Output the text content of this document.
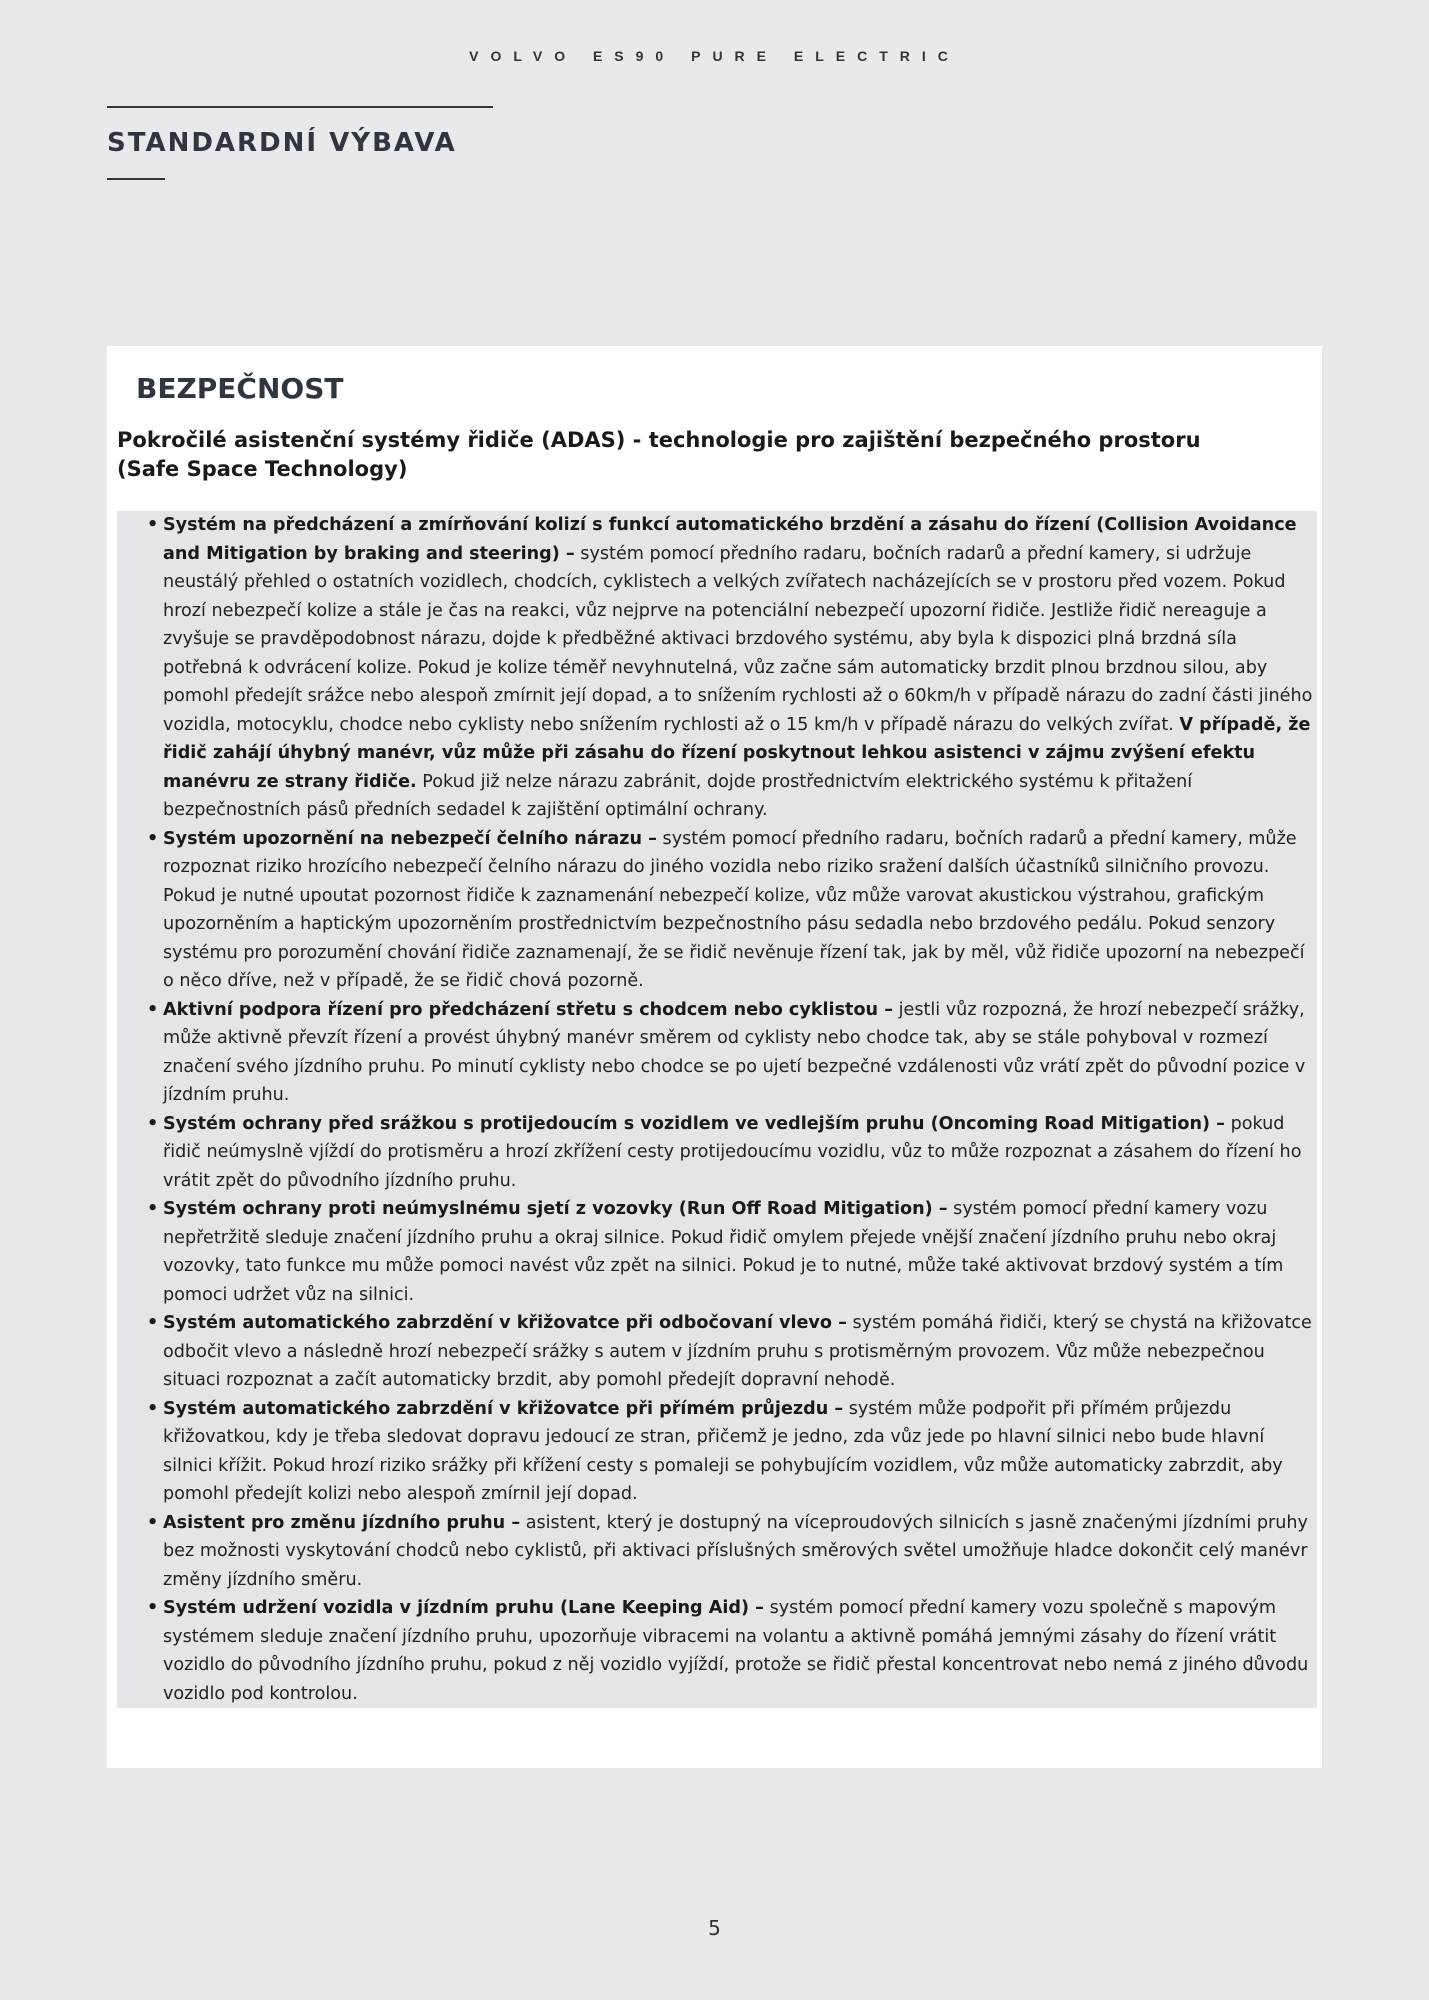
VOLVO ES90 PURE ELECTRIC
STANDARDNÍ VÝBAVA
BEZPEČNOST
Pokročilé asistenční systémy řidiče (ADAS) - technologie pro zajištění bezpečného prostoru (Safe Space Technology)
• Systém na předcházení a zmírňování kolizí s funkcí automatického brzdění a zásahu do řízení (Collision Avoidance and Mitigation by braking and steering) – systém pomocí předního radaru, bočních radarů a přední kamery, si udržuje neustálý přehled o ostatních vozidlech, chodcích, cyklistech a velkých zvířatech nacházejících se v prostoru před vozem. Pokud hrozí nebezpečí kolize a stále je čas na reakci, vůz nejprve na potenciální nebezpečí upozorní řidiče. Jestliže řidič nereaguje a zvyšuje se pravděpodobnost nárazu, dojde k předběžné aktivaci brzdového systému, aby byla k dispozici plná brzdná síla potřebná k odvrácení kolize. Pokud je kolize téměř nevyhnutelná, vůz začne sám automaticky brzdit plnou brzdnou silou, aby pomohl předejít srážce nebo alespoň zmírnit její dopad, a to snížením rychlosti až o 60km/h v případě nárazu do zadní části jiného vozidla, motocyklu, chodce nebo cyklisty nebo snížením rychlosti až o 15 km/h v případě nárazu do velkých zvířat. V případě, že řidič zahájí úhybný manévr, vůz může při zásahu do řízení poskytnout lehkou asistenci v zájmu zvýšení efektu manévru ze strany řidiče. Pokud již nelze nárazu zabránit, dojde prostřednictvím elektrického systému k přitažení bezpečnostních pásů předních sedadel k zajištění optimální ochrany.

• Systém upozornění na nebezpečí čelního nárazu – systém pomocí předního radaru, bočních radarů a přední kamery, může rozpoznat riziko hrozícího nebezpečí čelního nárazu do jiného vozidla nebo riziko sražení dalších účastníků silničního provozu. Pokud je nutné upoutat pozornost řidiče k zaznamenání nebezpečí kolize, vůz může varovat akustickou výstrahou, grafickým upozorněním a haptickým upozorněním prostřednictvím bezpečnostního pásu sedadla nebo brzdového pedálu. Pokud senzory systému pro porozumění chování řidiče zaznamenají, že se řidič nevěnuje řízení tak, jak by měl, vůž řidiče upozorní na nebezpečí o něco dříve, než v případě, že se řidič chová pozorně.

• Aktivní podpora řízení pro předcházení střetu s chodcem nebo cyklistou – jestli vůz rozpozná, že hrozí nebezpečí srážky, může aktivně převzít řízení a provést úhybný manévr směrem od cyklisty nebo chodce tak, aby se stále pohyboval v rozmezí značení svého jízdního pruhu. Po minutí cyklisty nebo chodce se po ujetí bezpečné vzdálenosti vůz vrátí zpět do původní pozice v jízdním pruhu.

• Systém ochrany před srážkou s protijedoucím s vozidlem ve vedlejším pruhu (Oncoming Road Mitigation) – pokud řidič neúmyslně vjíždí do protisměru a hrozí zkřížení cesty protijedoucímu vozidlu, vůz to může rozpoznat a zásahem do řízení ho vrátit zpět do původního jízdního pruhu.

• Systém ochrany proti neúmyslnému sjetí z vozovky (Run Off Road Mitigation) – systém pomocí přední kamery vozu nepřetržitě sleduje značení jízdního pruhu a okraj silnice. Pokud řidič omylem přejede vnější značení jízdního pruhu nebo okraj vozovky, tato funkce mu může pomoci navést vůz zpět na silnici. Pokud je to nutné, může také aktivovat brzdový systém a tím pomoci udržet vůz na silnici.

• Systém automatického zabrzdění v křižovatce při odbočovaní vlevo – systém pomáhá řidiči, který se chystá na křižovatce odbočit vlevo a následně hrozí nebezpečí srážky s autem v jízdním pruhu s protisměrným provozem. Vůz může nebezpečnou situaci rozpoznat a začít automaticky brzdit, aby pomohl předejít dopravní nehodě.

• Systém automatického zabrzdění v křižovatce při přímém průjezdu – systém může podpořit při přímém průjezdu křižovatkou, kdy je třeba sledovat dopravu jedoucí ze stran, přičemž je jedno, zda vůz jede po hlavní silnici nebo bude hlavní silnici křížit. Pokud hrozí riziko srážky při křížení cesty s pomaleji se pohybujícím vozidlem, vůz může automaticky zabrzdit, aby pomohl předejít kolizi nebo alespoň zmírnil její dopad.

• Asistent pro změnu jízdního pruhu – asistent, který je dostupný na víceproudových silnicích s jasně značenými jízdními pruhy bez možnosti vyskytování chodců nebo cyklistů, při aktivaci příslušných směrových světel umožňuje hladce dokončit celý manévr změny jízdního směru.

• Systém udržení vozidla v jízdním pruhu (Lane Keeping Aid) – systém pomocí přední kamery vozu společně s mapovým systémem sleduje značení jízdního pruhu, upozorňuje vibracemi na volantu a aktivně pomáhá jemnými zásahy do řízení vrátit vozidlo do původního jízdního pruhu, pokud z něj vozidlo vyjíždí, protože se řidič přestal koncentrovat nebo nemá z jiného důvodu vozidlo pod kontrolou.

5
